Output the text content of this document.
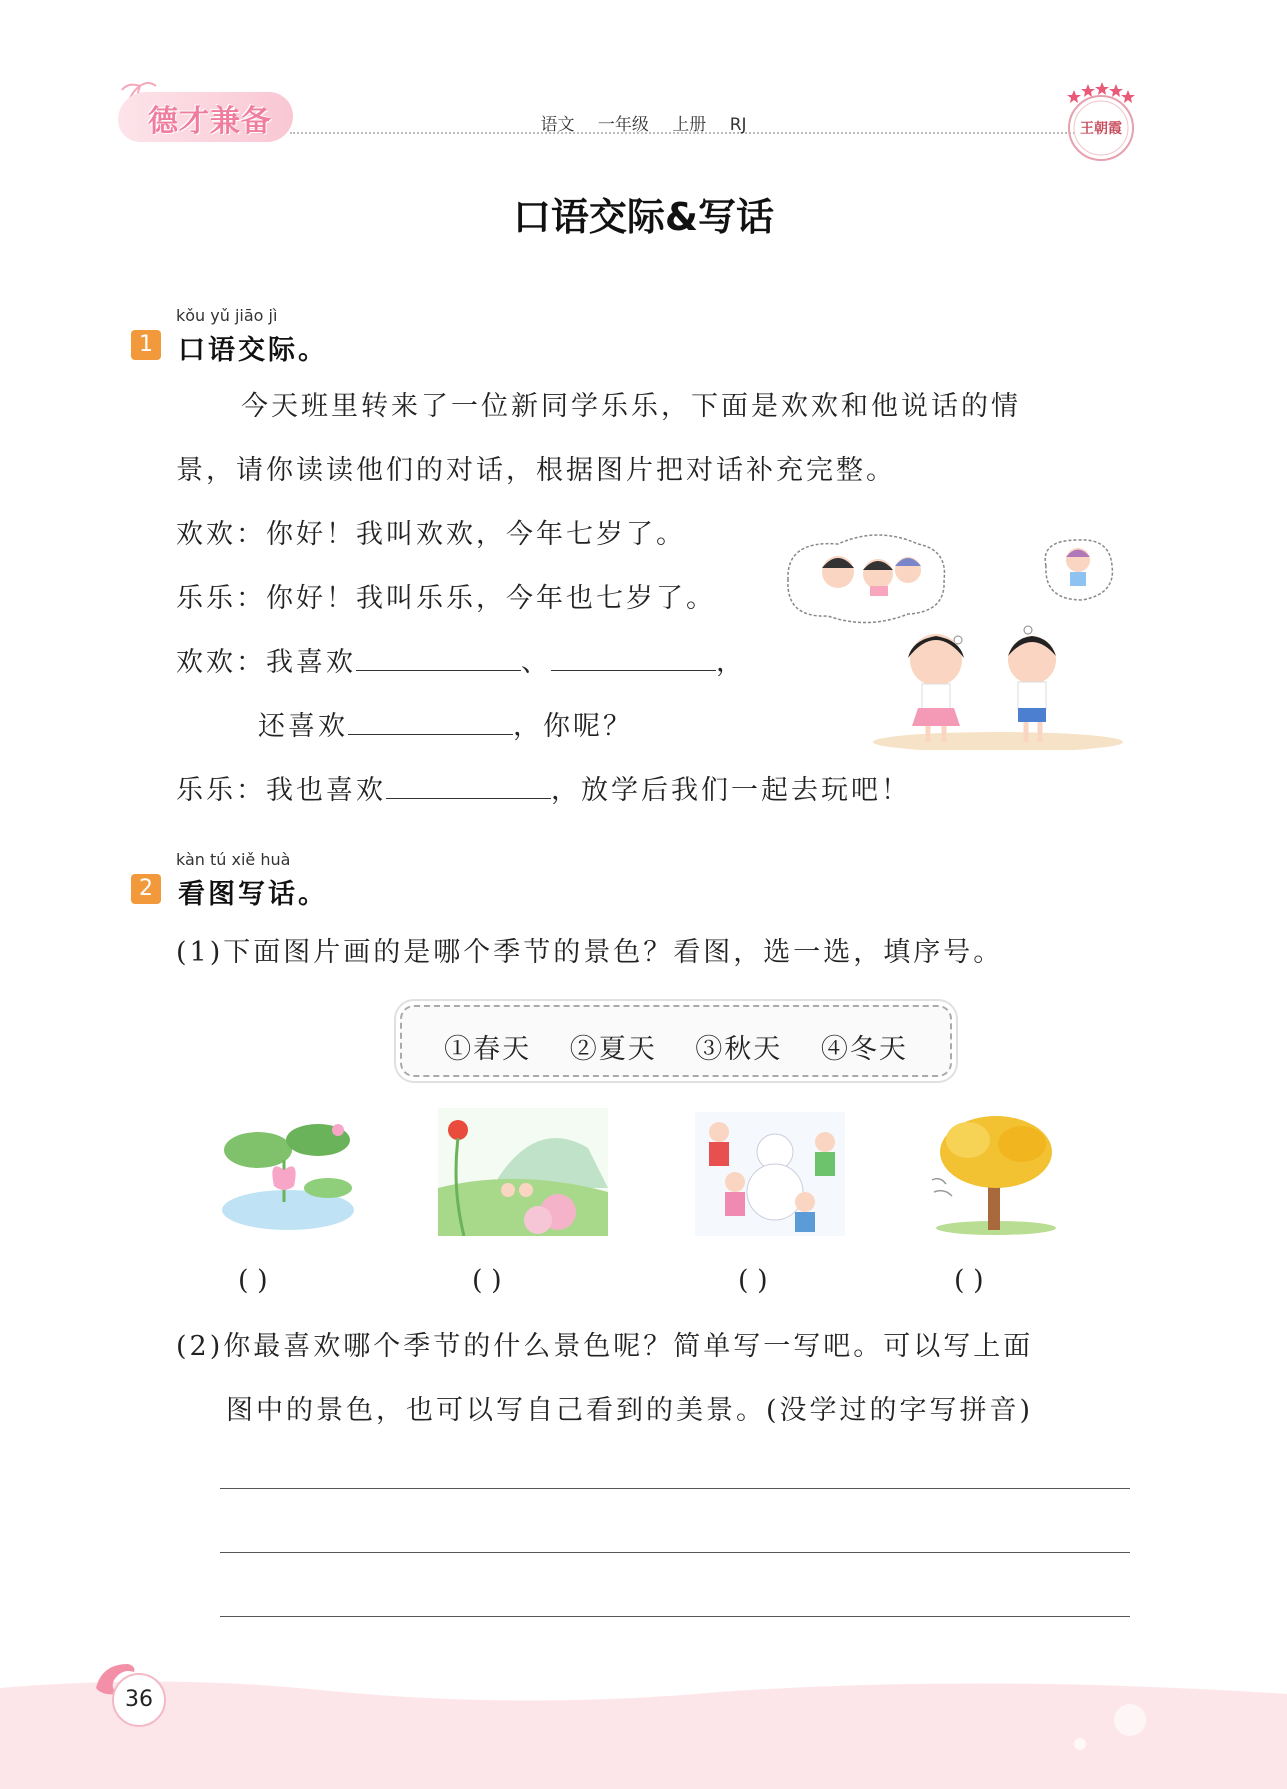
德才兼备	语文 一年级 上册 RJ	王朝霞
口语交际&写话
kǒu yǔ jiāo jì
1 口语交际。
今天班里转来了一位新同学乐乐，下面是欢欢和他说话的情
景，请你读读他们的对话，根据图片把对话补充完整。
欢欢：你好！我叫欢欢，今年七岁了。
乐乐：你好！我叫乐乐，今年也七岁了。
欢欢：我喜欢	、	，
还喜欢	，你呢？
乐乐：我也喜欢	，放学后我们一起去玩吧！
kàn tú xiě huà
2 看图写话。
(1)下面图片画的是哪个季节的景色？看图，选一选，填序号。
①春天 ②夏天 ③秋天 ④冬天
( )	( )	( )	( )
(2)你最喜欢哪个季节的什么景色呢？简单写一写吧。可以写上面
图中的景色，也可以写自己看到的美景。(没学过的字写拼音)
36
